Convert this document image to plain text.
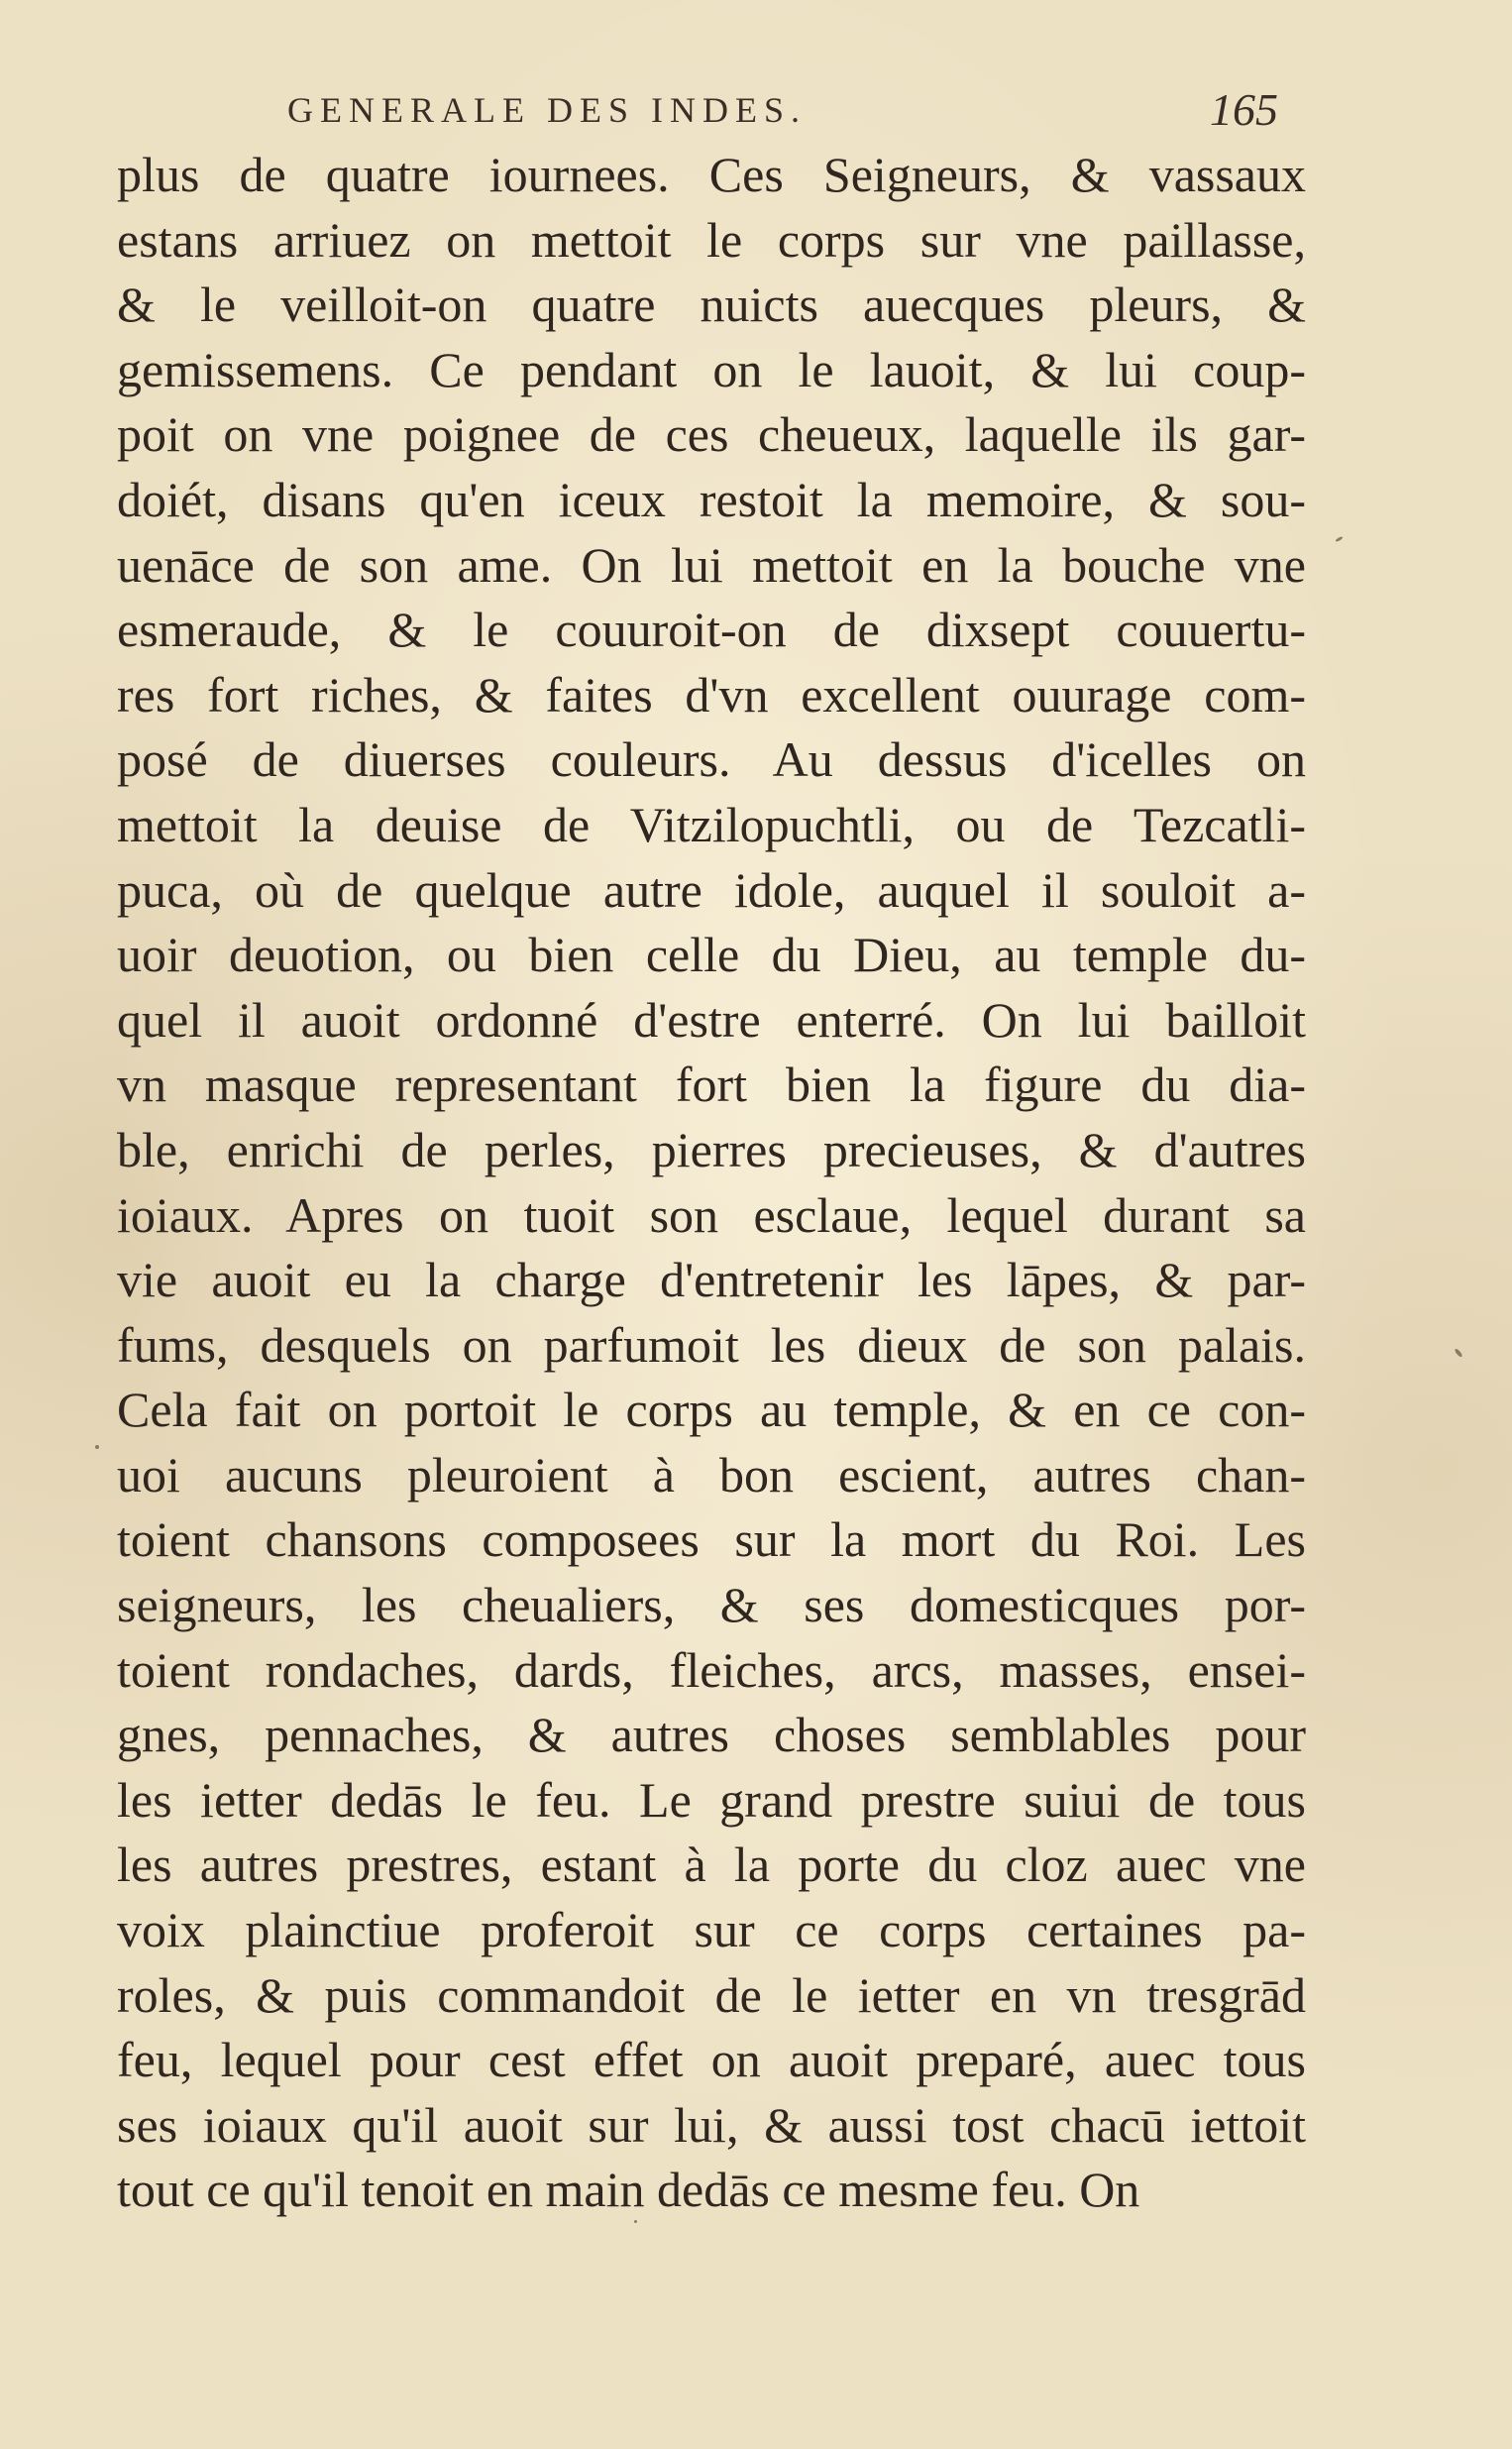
GENERALE DES INDES.	165
plus de quatre iournees. Ces Seigneurs, & vassaux
estans arriuez on mettoit le corps sur vne paillasse,
& le veilloit-on quatre nuicts auecques pleurs, &
gemissemens. Ce pendant on le lauoit, & lui coup-
poit on vne poignee de ces cheueux, laquelle ils gar-
doiét, disans qu'en iceux restoit la memoire, & sou-
uenāce de son ame. On lui mettoit en la bouche vne
esmeraude, & le couuroit-on de dixsept couuertu-
res fort riches, & faites d'vn excellent ouurage com-
posé de diuerses couleurs. Au dessus d'icelles on
mettoit la deuise de Vitzilopuchtli, ou de Tezcatli-
puca, où de quelque autre idole, auquel il souloit a-
uoir deuotion, ou bien celle du Dieu, au temple du-
quel il auoit ordonné d'estre enterré. On lui bailloit
vn masque representant fort bien la figure du dia-
ble, enrichi de perles, pierres precieuses, & d'autres
ioiaux. Apres on tuoit son esclaue, lequel durant sa
vie auoit eu la charge d'entretenir les lāpes, & par-
fums, desquels on parfumoit les dieux de son palais.
Cela fait on portoit le corps au temple, & en ce con-
uoi aucuns pleuroient à bon escient, autres chan-
toient chansons composees sur la mort du Roi. Les
seigneurs, les cheualiers, & ses domesticques por-
toient rondaches, dards, fleiches, arcs, masses, ensei-
gnes, pennaches, & autres choses semblables pour
les ietter dedās le feu. Le grand prestre suiui de tous
les autres prestres, estant à la porte du cloz auec vne
voix plainctiue proferoit sur ce corps certaines pa-
roles, & puis commandoit de le ietter en vn tresgrād
feu, lequel pour cest effet on auoit preparé, auec tous
ses ioiaux qu'il auoit sur lui, & aussi tost chacū iettoit
tout ce qu'il tenoit en main dedās ce mesme feu. On
